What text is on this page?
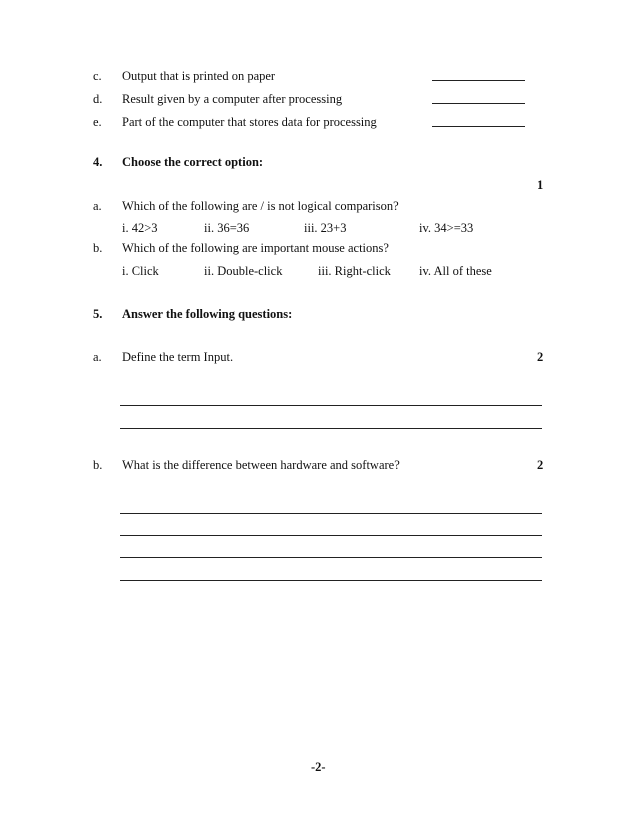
c. Output that is printed on paper
d. Result given by a computer after processing
e. Part of the computer that stores data for processing
4. Choose the correct option:
1
a. Which of the following are / is not logical comparison?
i. 42>3	ii. 36=36	iii. 23+3	iv. 34>=33
b. Which of the following are important mouse actions?
i. Click	ii. Double-click	iii. Right-click iv. All of these
5. Answer the following questions:
a. Define the term Input.	2
b. What is the difference between hardware and software?	2
-2-
